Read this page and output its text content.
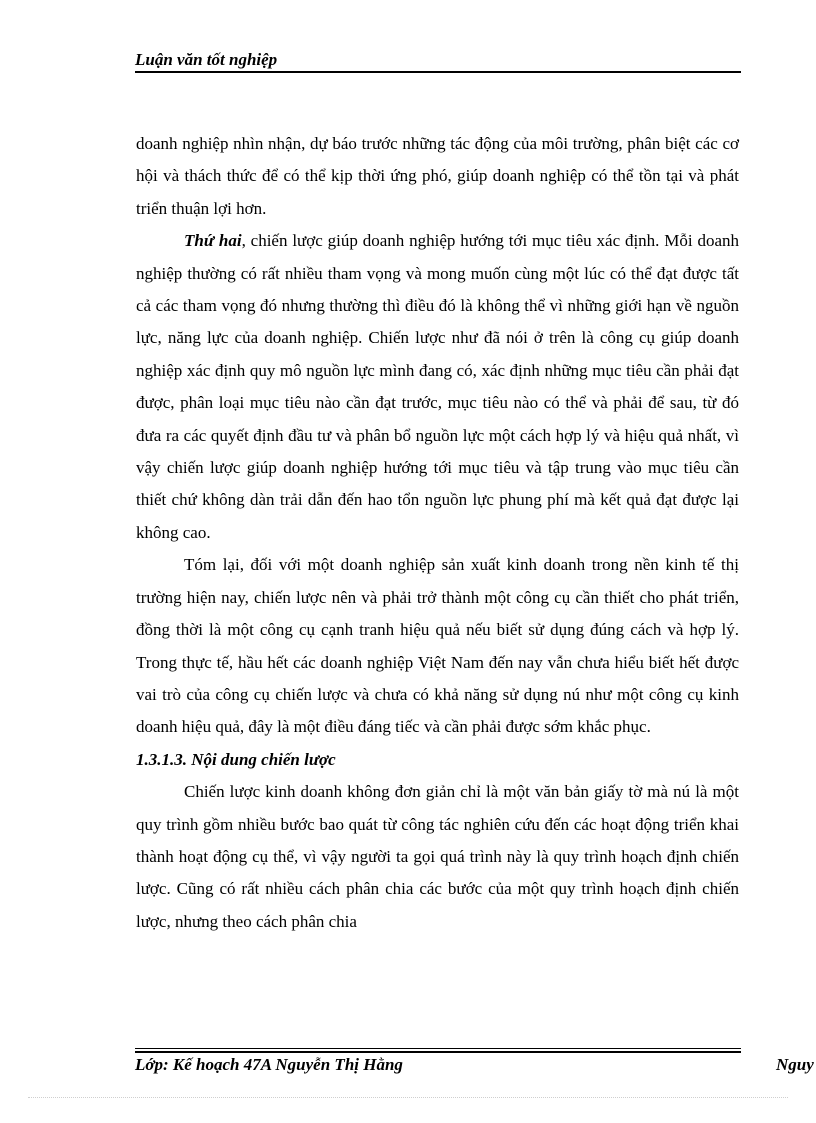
Luận văn tốt nghiệp

doanh nghiệp nhìn nhận, dự báo trước những tác động của môi trường, phân biệt các cơ hội và thách thức để có thể kịp thời ứng phó, giúp doanh nghiệp có thể tồn tại và phát triển thuận lợi hơn.

Thứ hai, chiến lược giúp doanh nghiệp hướng tới mục tiêu xác định. Mỗi doanh nghiệp thường có rất nhiều tham vọng và mong muốn cùng một lúc có thể đạt được tất cả các tham vọng đó nhưng thường thì điều đó là không thể vì những giới hạn về nguồn lực, năng lực của doanh nghiệp. Chiến lược như đã nói ở trên là công cụ giúp doanh nghiệp xác định quy mô nguồn lực mình đang có, xác định những mục tiêu cần phải đạt được, phân loại mục tiêu nào cần đạt trước, mục tiêu nào có thể và phải để sau, từ đó đưa ra các quyết định đầu tư và phân bổ nguồn lực một cách hợp lý và hiệu quả nhất, vì vậy chiến lược giúp doanh nghiệp hướng tới mục tiêu và tập trung vào mục tiêu cần thiết chứ không dàn trải dẫn đến hao tổn nguồn lực phung phí mà kết quả đạt được lại không cao.

Tóm lại, đối với một doanh nghiệp sản xuất kinh doanh trong nền kinh tế thị trường hiện nay, chiến lược nên và phải trở thành một công cụ cần thiết cho phát triển, đồng thời là một công cụ cạnh tranh hiệu quả nếu biết sử dụng đúng cách và hợp lý. Trong thực tế, hầu hết các doanh nghiệp Việt Nam đến nay vẫn chưa hiểu biết hết được vai trò của công cụ chiến lược và chưa có khả năng sử dụng nú như một công cụ kinh doanh hiệu quả, đây là một điều đáng tiếc và cần phải được sớm khắc phục.

1.3.1.3. Nội dung chiến lược

Chiến lược kinh doanh không đơn giản chỉ là một văn bản giấy tờ mà nú là một quy trình gồm nhiều bước bao quát từ công tác nghiên cứu đến các hoạt động triển khai thành hoạt động cụ thể, vì vậy người ta gọi quá trình này là quy trình hoạch định chiến lược. Cũng có rất nhiều cách phân chia các bước của một quy trình hoạch định chiến lược, nhưng theo cách phân chia

Lớp: Kế hoạch 47A Nguyễn Thị Hằng	Nguy
